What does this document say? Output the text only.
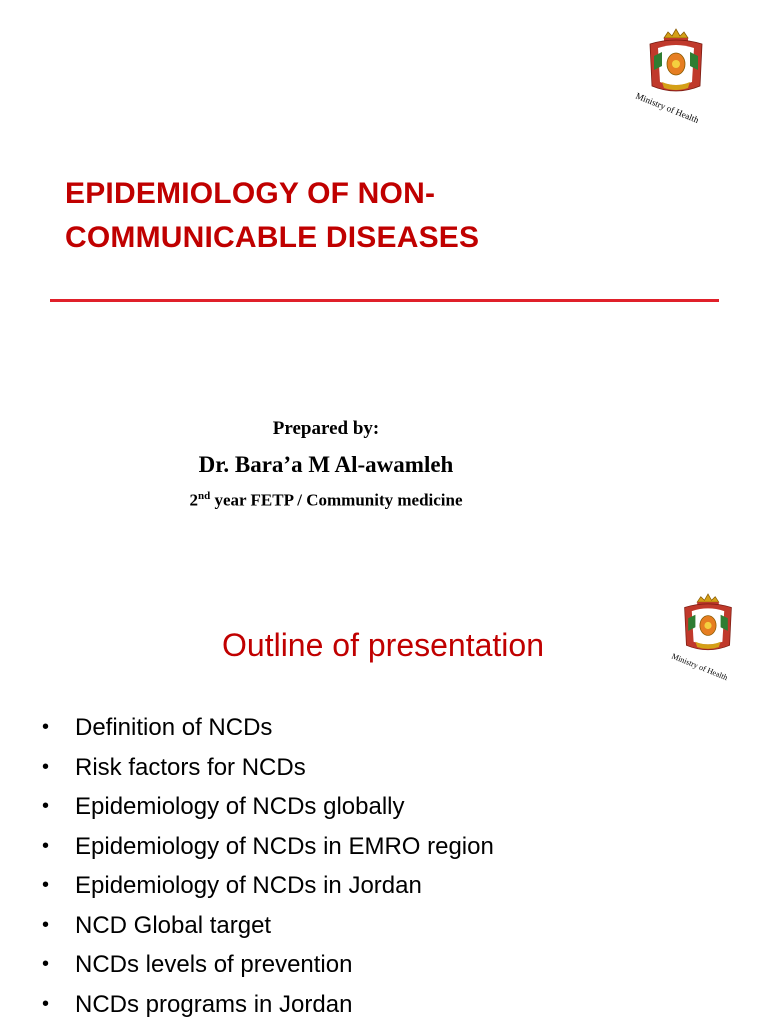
Ministry of Health
EPIDEMIOLOGY OF NON-
COMMUNICABLE DISEASES
Prepared by:
Dr. Bara’a M Al-awamleh
2nd year FETP / Community medicine
Ministry of Health
Outline of presentation
• Definition of NCDs
• Risk factors for NCDs
• Epidemiology of NCDs globally
• Epidemiology of NCDs in EMRO region
• Epidemiology of NCDs in Jordan
• NCD Global target
• NCDs levels of prevention
• NCDs programs in Jordan
